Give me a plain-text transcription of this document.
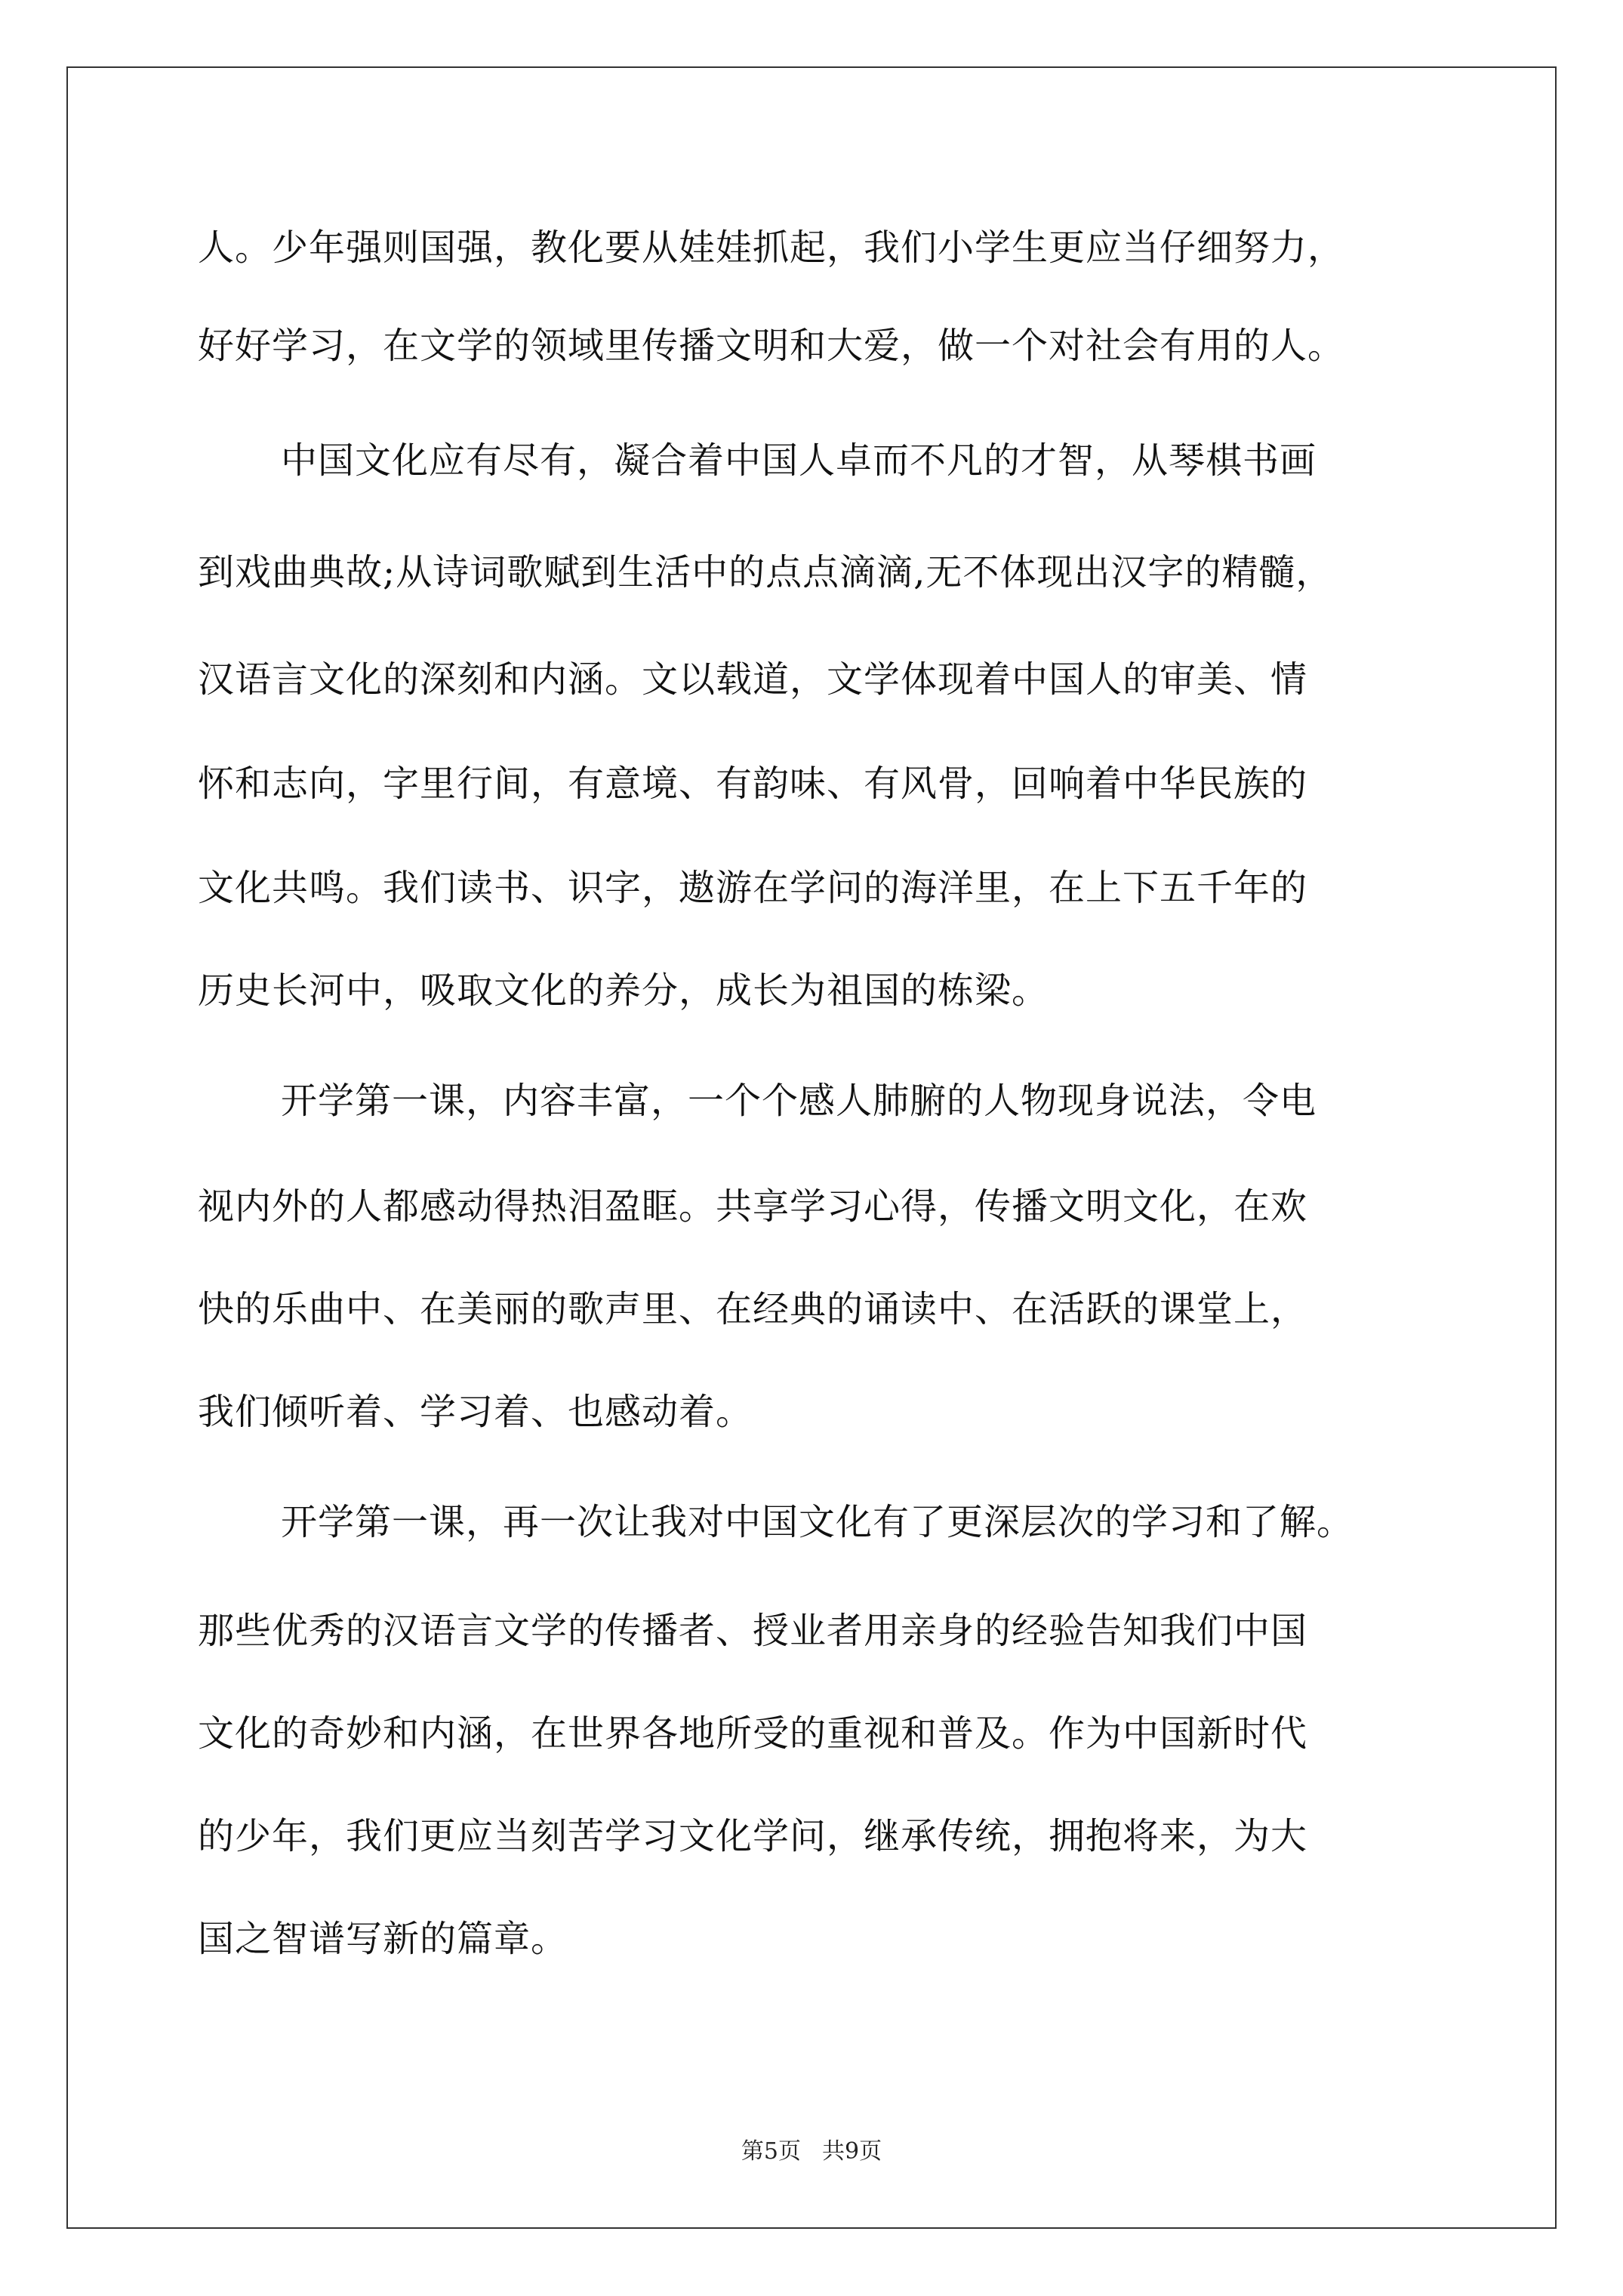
人。少年强则国强，教化要从娃娃抓起，我们小学生更应当仔细努力，
好好学习，在文学的领域里传播文明和大爱，做一个对社会有用的人。
中国文化应有尽有，凝合着中国人卓而不凡的才智，从琴棋书画
到戏曲典故;从诗词歌赋到生活中的点点滴滴,无不体现出汉字的精髓，
汉语言文化的深刻和内涵。文以载道，文学体现着中国人的审美、情
怀和志向，字里行间，有意境、有韵味、有风骨，回响着中华民族的
文化共鸣。我们读书、识字，遨游在学问的海洋里，在上下五千年的
历史长河中，吸取文化的养分，成长为祖国的栋梁。
开学第一课，内容丰富，一个个感人肺腑的人物现身说法，令电
视内外的人都感动得热泪盈眶。共享学习心得，传播文明文化，在欢
快的乐曲中、在美丽的歌声里、在经典的诵读中、在活跃的课堂上，
我们倾听着、学习着、也感动着。
开学第一课，再一次让我对中国文化有了更深层次的学习和了解。
那些优秀的汉语言文学的传播者、授业者用亲身的经验告知我们中国
文化的奇妙和内涵，在世界各地所受的重视和普及。作为中国新时代
的少年，我们更应当刻苦学习文化学问，继承传统，拥抱将来，为大
国之智谱写新的篇章。
第5页 共9页
